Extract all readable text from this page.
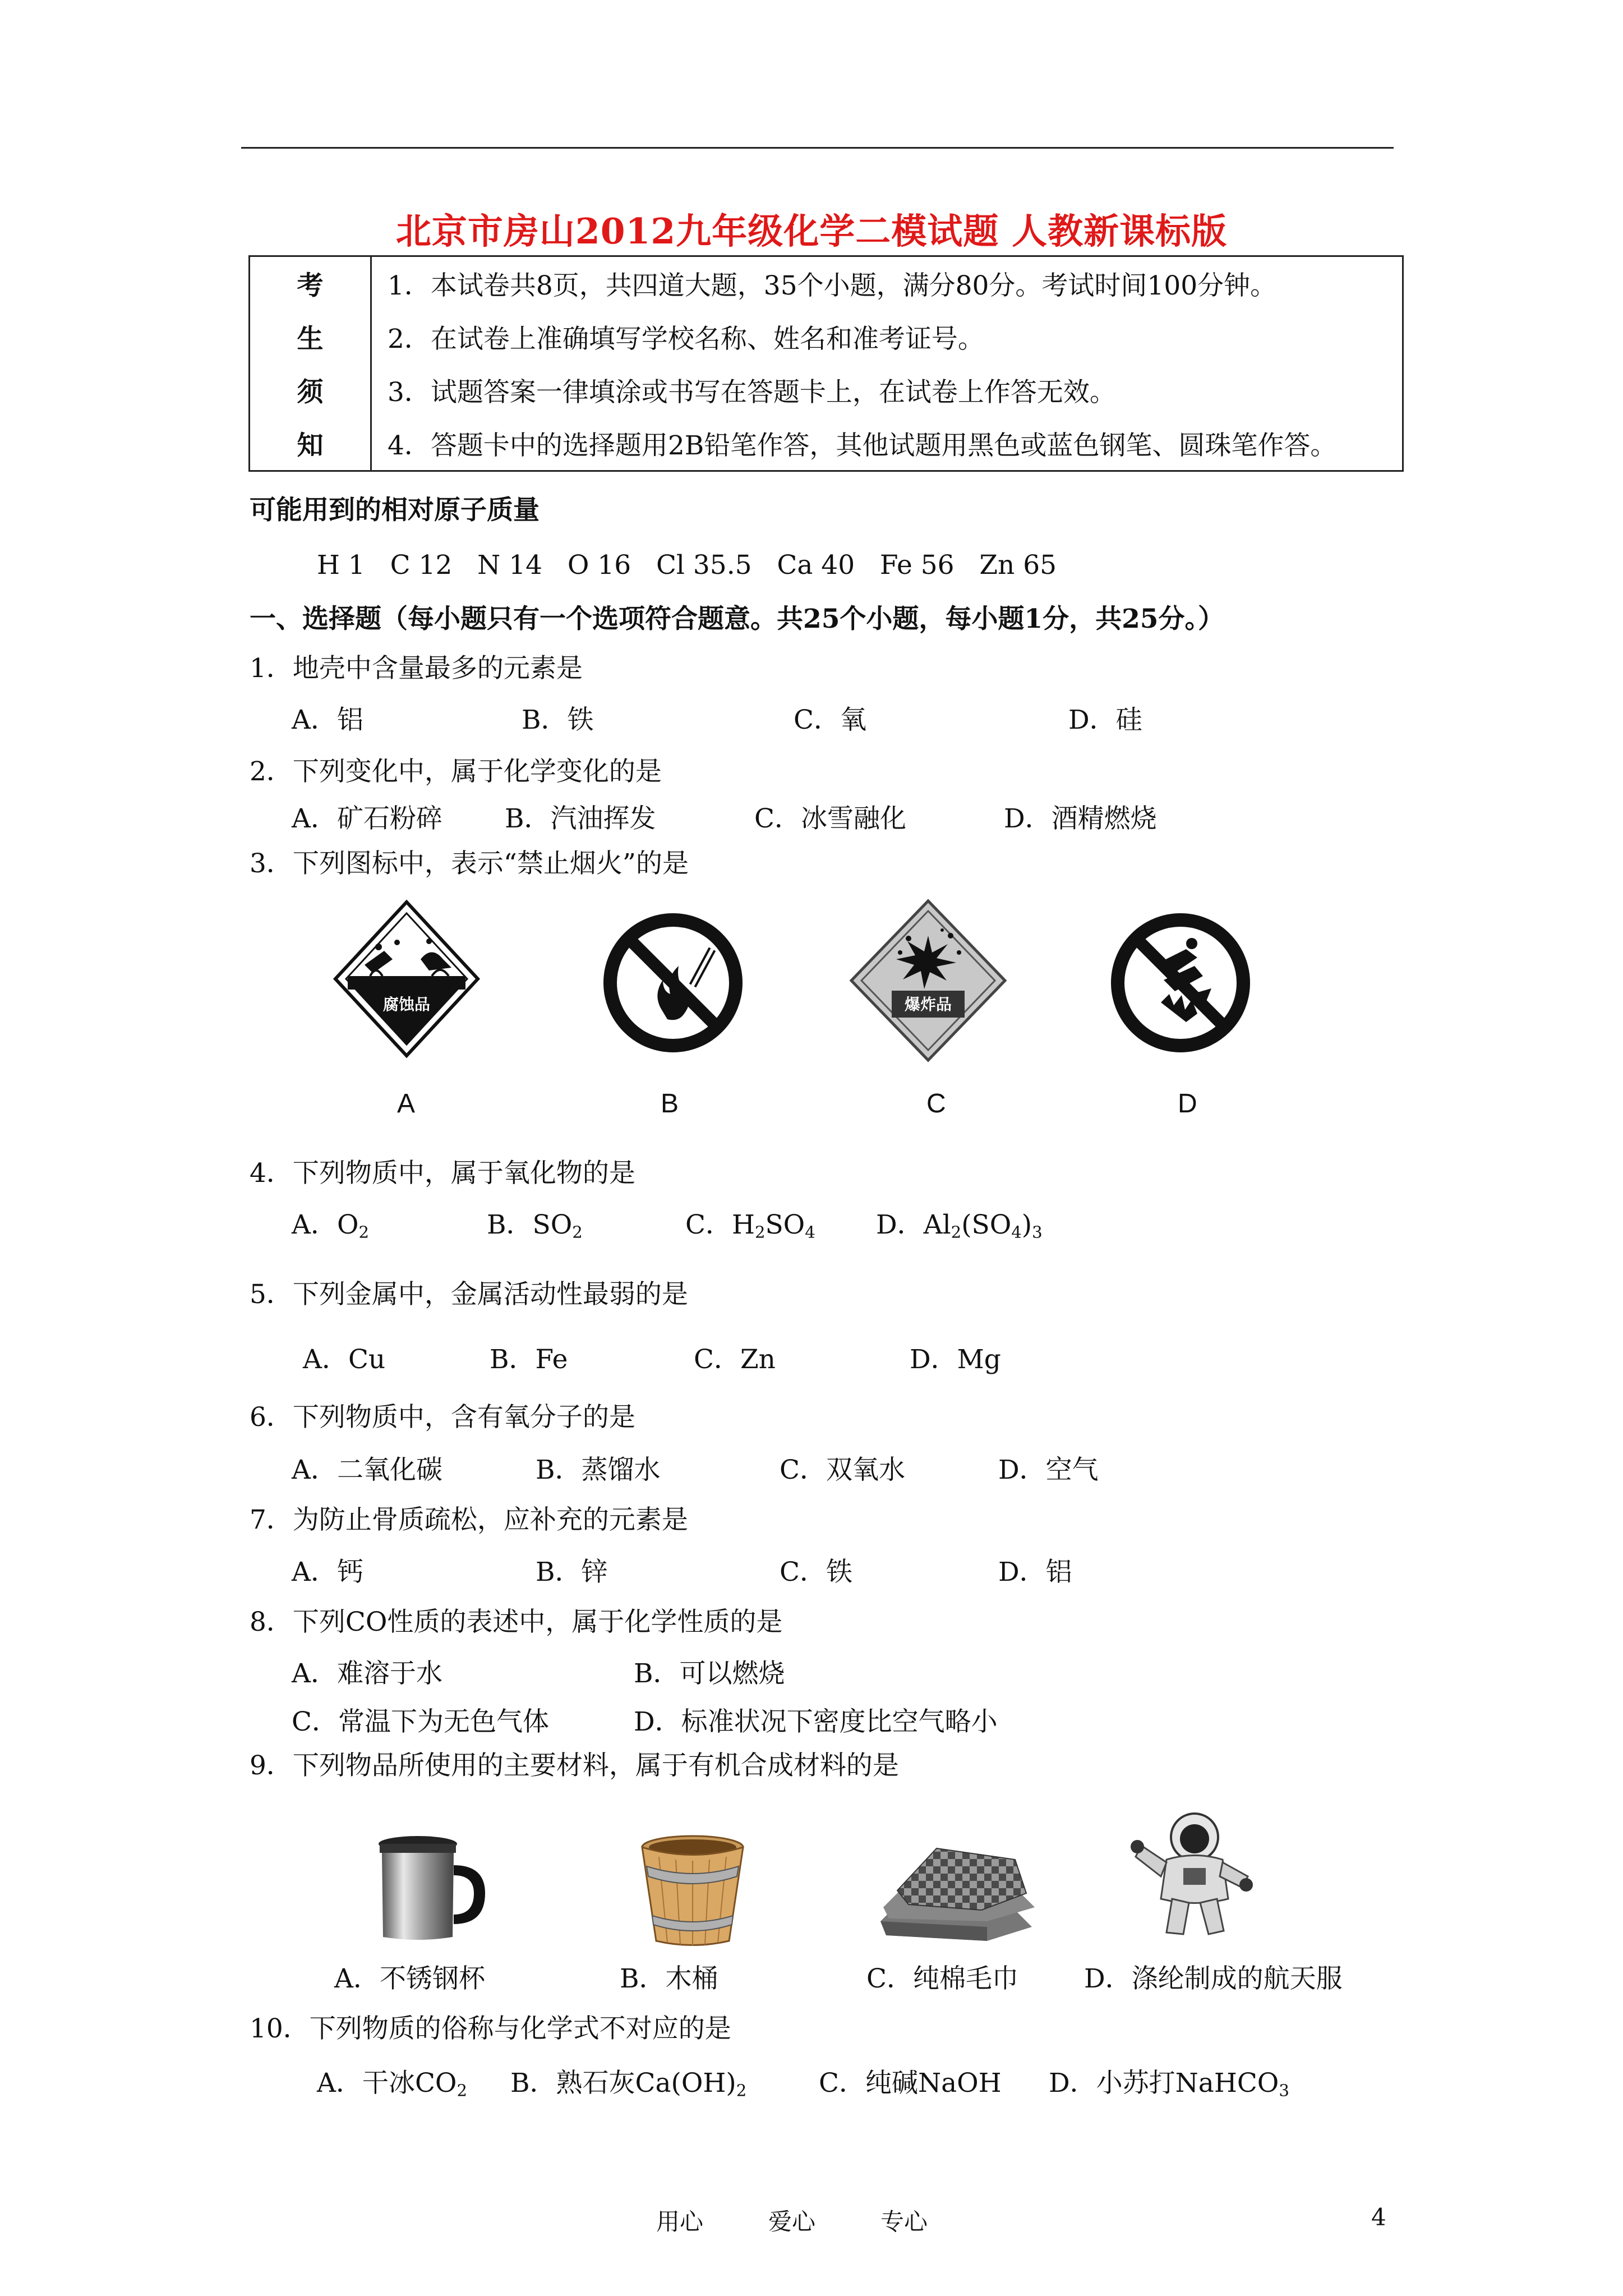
北京市房山2012九年级化学二模试题 人教新课标版
考	1．本试卷共8页，共四道大题，35个小题，满分80分。考试时间100分钟。
生	2．在试卷上准确填写学校名称、姓名和准考证号。
须	3．试题答案一律填涂或书写在答题卡上，在试卷上作答无效。
知	4．答题卡中的选择题用2B铅笔作答，其他试题用黑色或蓝色钢笔、圆珠笔作答。
可能用到的相对原子质量
H 1   C 12   N 14   O 16   Cl 35.5   Ca 40   Fe 56   Zn 65
一、选择题（每小题只有一个选项符合题意。共25个小题，每小题1分，共25分。）
1．地壳中含量最多的元素是
A．铝	B．铁	C．氧	D．硅
2．下列变化中，属于化学变化的是
A．矿石粉碎 B．汽油挥发	C．冰雪融化	D．酒精燃烧
3．下列图标中，表示“禁止烟火”的是
腐蚀品	爆炸品
A	B	C	D
4．下列物质中，属于氧化物的是
A．$O_2$	B．$SO_2$	C．$H_2SO_4$ D．$Al_2(SO_4)_3$
5．下列金属中，金属活动性最弱的是
A．Cu	B．Fe	C．Zn	D．Mg
6．下列物质中，含有氧分子的是
A．二氧化碳	B．蒸馏水	C．双氧水	D．空气
7．为防止骨质疏松，应补充的元素是
A．钙	B．锌	C．铁	D．铝
8．下列CO性质的表述中，属于化学性质的是
A．难溶于水	B．可以燃烧
C．常温下为无色气体	D．标准状况下密度比空气略小
9．下列物品所使用的主要材料，属于有机合成材料的是
A．不锈钢杯	B．木桶	C．纯棉毛巾 D．涤纶制成的航天服
10．下列物质的俗称与化学式不对应的是
A．干冰$CO_2$ B．熟石灰$Ca(OH)_2$	C．纯碱NaOH D．小苏打NaHCO$_3$
用心	爱心	专心	4
